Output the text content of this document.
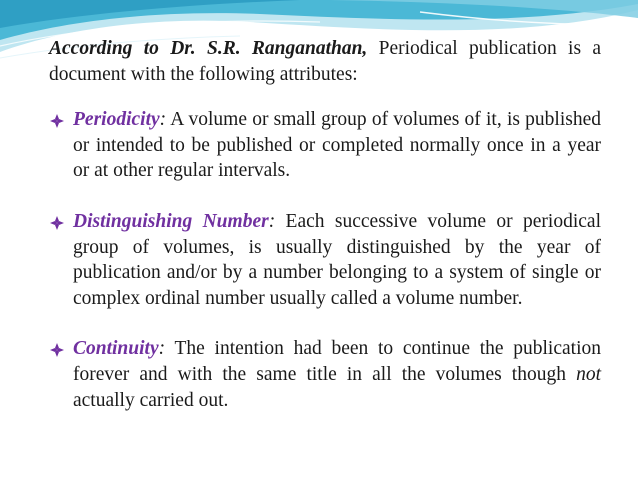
According to Dr. S.R. Ranganathan, Periodical publication is a document with the following attributes:

Periodicity: A volume or small group of volumes of it, is published or intended to be published or completed normally once in a year or at other regular intervals.

Distinguishing Number: Each successive volume or periodical group of volumes, is usually distinguished by the year of publication and/or by a number belonging to a system of single or complex ordinal number usually called a volume number.

Continuity: The intention had been to continue the publication forever and with the same title in all the volumes though not actually carried out.
